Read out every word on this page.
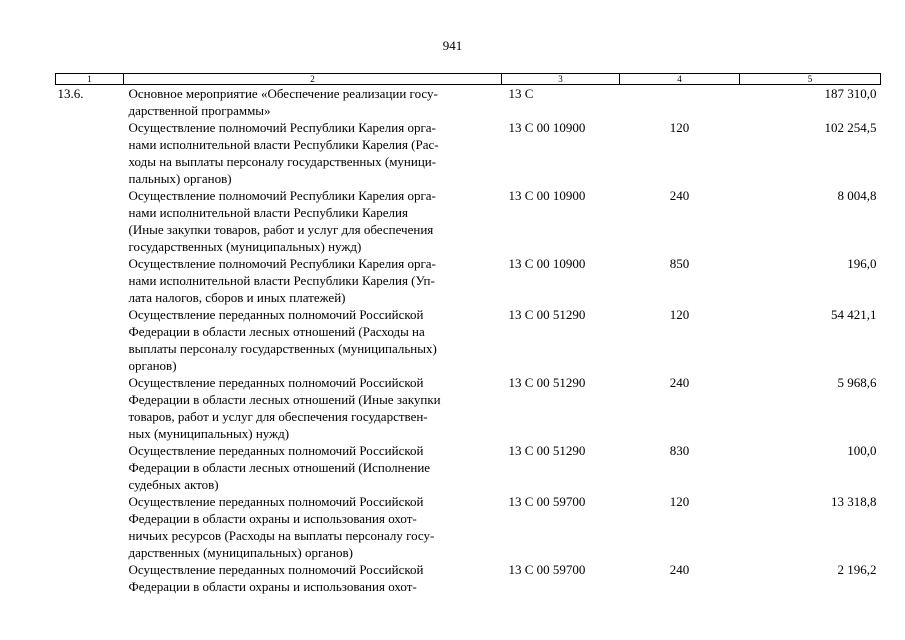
941
1	2	3	4	5
13.6.	Основное мероприятие «Обеспечение реализации госу-
дарственной программы»	13 С		187 310,0
	Осуществление полномочий Республики Карелия орга-
нами исполнительной власти Республики Карелия (Рас-
ходы на выплаты персоналу государственных (муници-
пальных) органов)	13 С 00 10900	120	102 254,5
	Осуществление полномочий Республики Карелия орга-
нами исполнительной власти Республики Карелия
(Иные закупки товаров, работ и услуг для обеспечения
государственных (муниципальных) нужд)	13 С 00 10900	240	8 004,8
	Осуществление полномочий Республики Карелия орга-
нами исполнительной власти Республики Карелия (Уп-
лата налогов, сборов и иных платежей)	13 С 00 10900	850	196,0
	Осуществление переданных полномочий Российской
Федерации в области лесных отношений (Расходы на
выплаты персоналу государственных (муниципальных)
органов)	13 С 00 51290	120	54 421,1
	Осуществление переданных полномочий Российской
Федерации в области лесных отношений (Иные закупки
товаров, работ и услуг для обеспечения государствен-
ных (муниципальных) нужд)	13 С 00 51290	240	5 968,6
	Осуществление переданных полномочий Российской
Федерации в области лесных отношений (Исполнение
судебных актов)	13 С 00 51290	830	100,0
	Осуществление переданных полномочий Российской
Федерации в области охраны и использования охот-
ничьих ресурсов (Расходы на выплаты персоналу госу-
дарственных (муниципальных) органов)	13 С 00 59700	120	13 318,8
	Осуществление переданных полномочий Российской
Федерации в области охраны и использования охот-	13 С 00 59700	240	2 196,2
